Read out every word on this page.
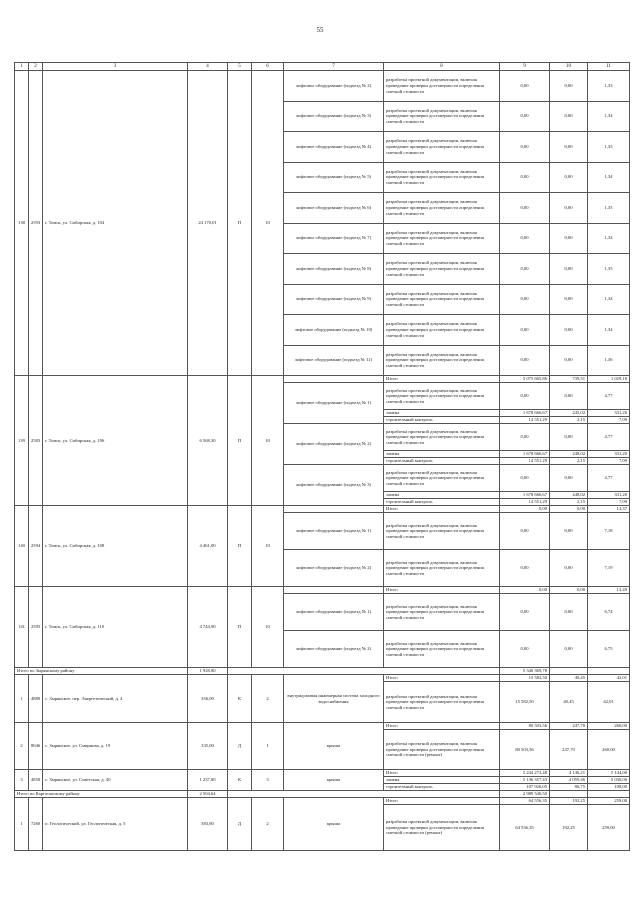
55
1	2	3	4	5	6	7	8	9	10	11
138	2593	г. Томск, ул. Сибирская, д. 104	24 170,01	П	10	лифтовое оборудование (подъезд № 2)	разработка проектной документации, включая проведение проверки достоверности определения сметной стоимости	0,00	0,00	1,33
						лифтовое оборудование (подъезд № 3)	разработка проектной документации, включая проведение проверки достоверности определения сметной стоимости	0,00	0,00	1,34
						лифтовое оборудование (подъезд № 4)	разработка проектной документации, включая проведение проверки достоверности определения сметной стоимости	0,00	0,00	1,35
						лифтовое оборудование (подъезд № 5)	разработка проектной документации, включая проведение проверки достоверности определения сметной стоимости	0,00	0,00	1,34
						лифтовое оборудование (подъезд № 6)	разработка проектной документации, включая проведение проверки достоверности определения сметной стоимости	0,00	0,00	1,35
						лифтовое оборудование (подъезд № 7)	разработка проектной документации, включая проведение проверки достоверности определения сметной стоимости	0,00	0,00	1,34
						лифтовое оборудование (подъезд № 8)	разработка проектной документации, включая проведение проверки достоверности определения сметной стоимости	0,00	0,00	1,35
						лифтовое оборудование (подъезд № 9)	разработка проектной документации, включая проведение проверки достоверности определения сметной стоимости	0,00	0,00	1,34
						лифтовое оборудование (подъезд № 10)	разработка проектной документации, включая проведение проверки достоверности определения сметной стоимости	0,00	0,00	1,34
						лифтовое оборудование (подъезд № 11)	разработка проектной документации, включая проведение проверки достоверности определения сметной стоимости	0,00	0,00	1,36
139	2583	г. Томск, ул. Сибирская, д. 106	6 568,30	П	10		Итого	5 075 665,86	739,51	1 029,18
						лифтовое оборудование (подъезд № 1)	разработка проектной документации, включая проведение проверки достоверности определения сметной стоимости	0,00	0,00	4,77
							замена	1 678 666,67	245,02	331,20
							строительный контроль	14 551,29	2,15	7,09
						лифтовое оборудование (подъезд № 2)	разработка проектной документации, включая проведение проверки достоверности определения сметной стоимости	0,00	0,00	4,77
							замена	1 678 666,67	248,02	331,20
							строительный контроль	14 551,29	2,15	7,09
						лифтовое оборудование (подъезд № 3)	разработка проектной документации, включая проведение проверки достоверности определения сметной стоимости	0,00	0,00	4,77
							замена	1 678 666,67	248,02	331,20
							строительный контроль	14 551,29	2,15	7,09
140	2594	г. Томск, ул. Сибирская, д. 108	4 461,00	П	10		Итого	0,00	0,00	14,37
						лифтовое оборудование (подъезд № 1)	разработка проектной документации, включая проведение проверки достоверности определения сметной стоимости	0,00	0,00	7,18
						лифтовое оборудование (подъезд № 2)	разработка проектной документации, включая проведение проверки достоверности определения сметной стоимости	0,00	0,00	7,19
141	2595	г. Томск, ул. Сибирская, д. 110	4 744,90	П	10		Итого	0,00	0,00	13,49
						лифтовое оборудование (подъезд № 1)	разработка проектной документации, включая проведение проверки достоверности определения сметной стоимости	0,00	0,00	6,74
						лифтовое оборудование (подъезд № 2)	разработка проектной документации, включая проведение проверки достоверности определения сметной стоимости	0,00	0,00	6,75
Итого по Зырянскому району			1 928,80					5 340 369,78		
1	4889	с. Зырянское, пер. Энергетический, д. 4	356,00	К	2	внутридомовая инженерная система холодного водоснабжения	Итого	15 582,50	40,45	42,01
							разработка проектной документации, включая проведение проверки достоверности определения сметной стоимости	15 582,50	40,45	42,01
2	8046	с. Зырянское, ул. Смирнова, д. 19	335,00	Д	1	крыша	Итого	80 503,56	247,70	260,00
							разработка проектной документации, включая проведение проверки достоверности определения сметной стоимости (ремонт)	80 503,56	247,70	260,00
3	4850	с. Зырянское, ул. Советская, д. 40	1 237,80	К	3	крыша	Итого	5 244 273,48	4 146,21	5 144,00
							замена	5 136 357,43	4 059,46	5 036,00
							строительный контроль	107 926,05	86,75	108,00
Итого по Каргасокскому району			2 504,64					2 989 540,50		
1	7260	п. Геологический, ул. Геологическая, д. 5	383,80	Д	2	крыша	Итого	64 556,35	192,25	259,00
							разработка проектной документации, включая проведение проверки достоверности определения сметной стоимости (ремонт)	64 556,35	192,25	259,00
